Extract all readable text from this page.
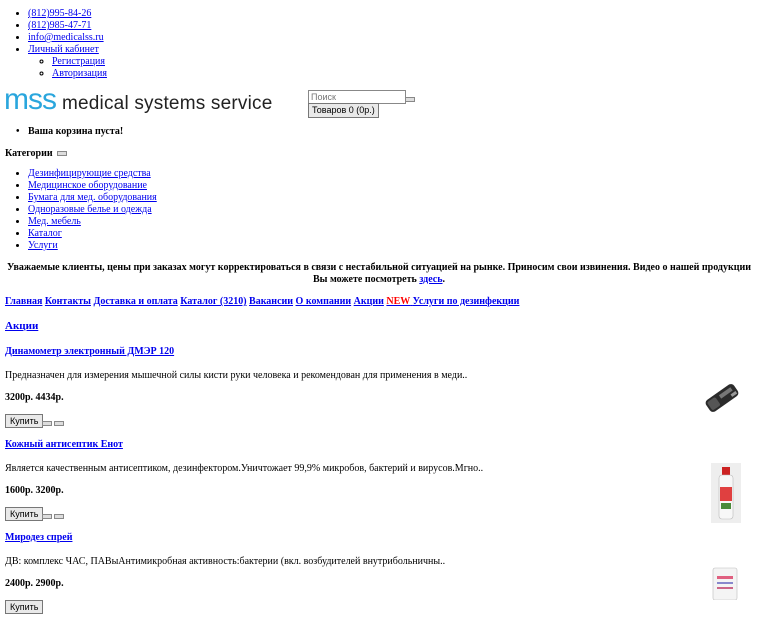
• (812)995-84-26
• (812)985-47-71
• info@medicalss.ru
• Личный кабинет
◦ Регистрация
◦ Авторизация
mss medical systems service
Поиск	Товаров 0 (0р.)
• Ваша корзина пуста!
Категории
• Дезинфицирующие средства
• Медицинское оборудование
• Бумага для мед. оборудования
• Одноразовые белье и одежда
• Мед. мебель
• Каталог
• Услуги
Уважаемые клиенты, цены при заказах могут корректироваться в связи с нестабильной ситуацией на рынке. Приносим свои извинения. Видео о нашей продукции Вы можете посмотреть здесь.
Главная Контакты Доставка и оплата Каталог (3210) Вакансии О компании Акции NEW Услуги по дезинфекции
Акции
Динамометр электронный ДМЭР 120
Предназначен для измерения мышечной силы кисти руки человека и рекомендован для применения в меди..
3200р. 4434р.
Купить
Кожный антисептик Енот
Является качественным антисептиком, дезинфектором.Уничтожает 99,9% микробов, бактерий и вирусов.Мгно..
1600р. 3200р.
Купить
Миродез спрей
ДВ: комплекс ЧАС, ПАВыАнтимикробная активность:бактерии (вкл. возбудителей внутрибольничны..
2400р. 2900р.
Купить
